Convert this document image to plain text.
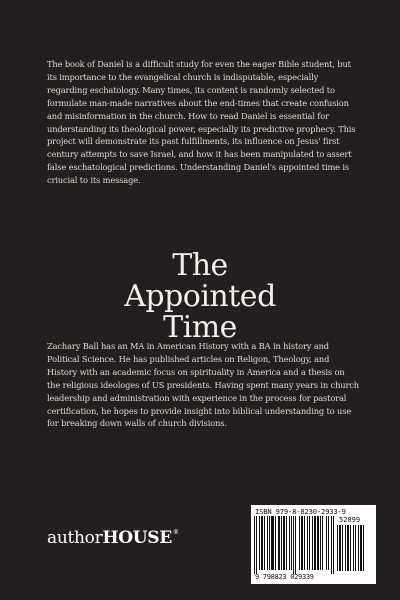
The book of Daniel is a difficult study for even the eager Bible student, but its importance to the evangelical church is indisputable, especially regarding eschatology. Many times, its content is randomly selected to formulate man-made narratives about the end-times that create confusion and misinformation in the church. How to read Daniel is essential for understanding its theological power, especially its predictive prophecy. This project will demonstrate its past fulfillments, its influence on Jesus' first century attempts to save Israel, and how it has been manipulated to assert false eschatological predictions. Understanding Daniel's appointed time is criucial to its message.

The
Appointed
Time

Zachary Ball has an MA in American History with a BA in history and Political Science. He has published articles on Religon, Theology, and History with an academic focus on spirituality in America and a thesis on the religious ideologes of US presidents. Having spent many years in church leadership and administration with experience in the process for pastoral certification, he hopes to provide insight into biblical understanding to use for breaking down walls of church divisions.

authorHOUSE®
ISBN 979-8-8230-2933-9
52099
9 798823 029339
